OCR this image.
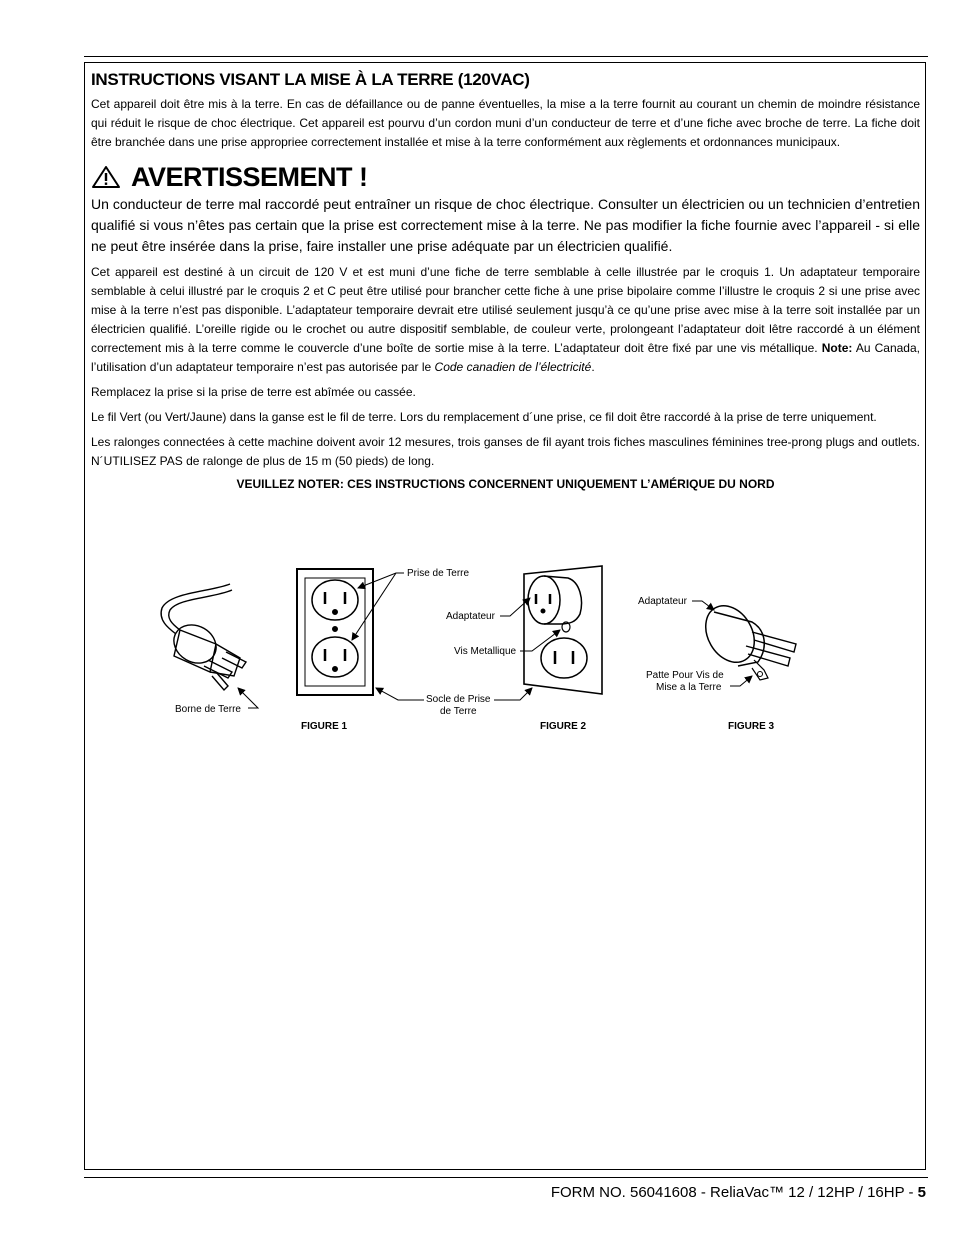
INSTRUCTIONS VISANT LA MISE À LA TERRE (120VAC)

Cet appareil doit être mis à la terre. En cas de défaillance ou de panne éventuelles, la mise a la terre fournit au courant un chemin de moindre résistance qui réduit le risque de choc électrique. Cet appareil est pourvu d’un cordon muni d’un conducteur de terre et d’une fiche avec broche de terre. La fiche doit être branchée dans une prise appropriee correctement installée et mise à la terre conformément aux règlements et ordonnances municipaux.

AVERTISSEMENT !

Un conducteur de terre mal raccordé peut entraîner un risque de choc électrique. Consulter un électricien ou un technicien d’entretien qualifié si vous n’êtes pas certain que la prise est correctement mise à la terre. Ne pas modifier la fiche fournie avec l’appareil - si elle ne peut être insérée dans la prise, faire installer une prise adéquate par un électricien qualifié.

Cet appareil est destiné à un circuit de 120 V et est muni d’une fiche de terre semblable à celle illustrée par le croquis 1. Un adaptateur temporaire semblable à celui illustré par le croquis 2 et C peut être utilisé pour brancher cette fiche à une prise bipolaire comme l’illustre le croquis 2 si une prise avec mise à la terre n’est pas disponible. L’adaptateur temporaire devrait etre utilisé seulement jusqu’à ce qu’une prise avec mise à la terre soit installée par un électricien qualifié. L’oreille rigide ou le crochet ou autre dispositif semblable, de couleur verte, prolongeant l’adaptateur doit lêtre raccordé à un élément correctement mis à la terre comme le couvercle d’une boîte de sortie mise à la terre. L’adaptateur doit être fixé par une vis métallique. Note: Au Canada, l’utilisation d’un adaptateur temporaire n’est pas autorisée par le Code canadien de l’électricité.

Remplacez la prise si la prise de terre est abîmée ou cassée.

Le fil Vert (ou Vert/Jaune) dans la ganse est le fil de terre. Lors du remplacement d´une prise, ce fil doit être raccordé à la prise de terre uniquement.

Les ralonges connectées à cette machine doivent avoir 12 mesures, trois ganses de fil ayant trois fiches masculines féminines tree-prong plugs and outlets. N´UTILISEZ PAS de ralonge de plus de 15 m (50 pieds) de long.

VEUILLEZ NOTER: CES INSTRUCTIONS CONCERNENT UNIQUEMENT L’AMÉRIQUE DU NORD
Borne de Terre
Prise de Terre
Socle de Prise
de Terre
FIGURE 1
Adaptateur
Vis Metallique
FIGURE 2
Adaptateur
Patte Pour Vis de
Mise a la Terre
FIGURE 3
FORM NO. 56041608 - ReliaVac™ 12 / 12HP / 16HP - 5
